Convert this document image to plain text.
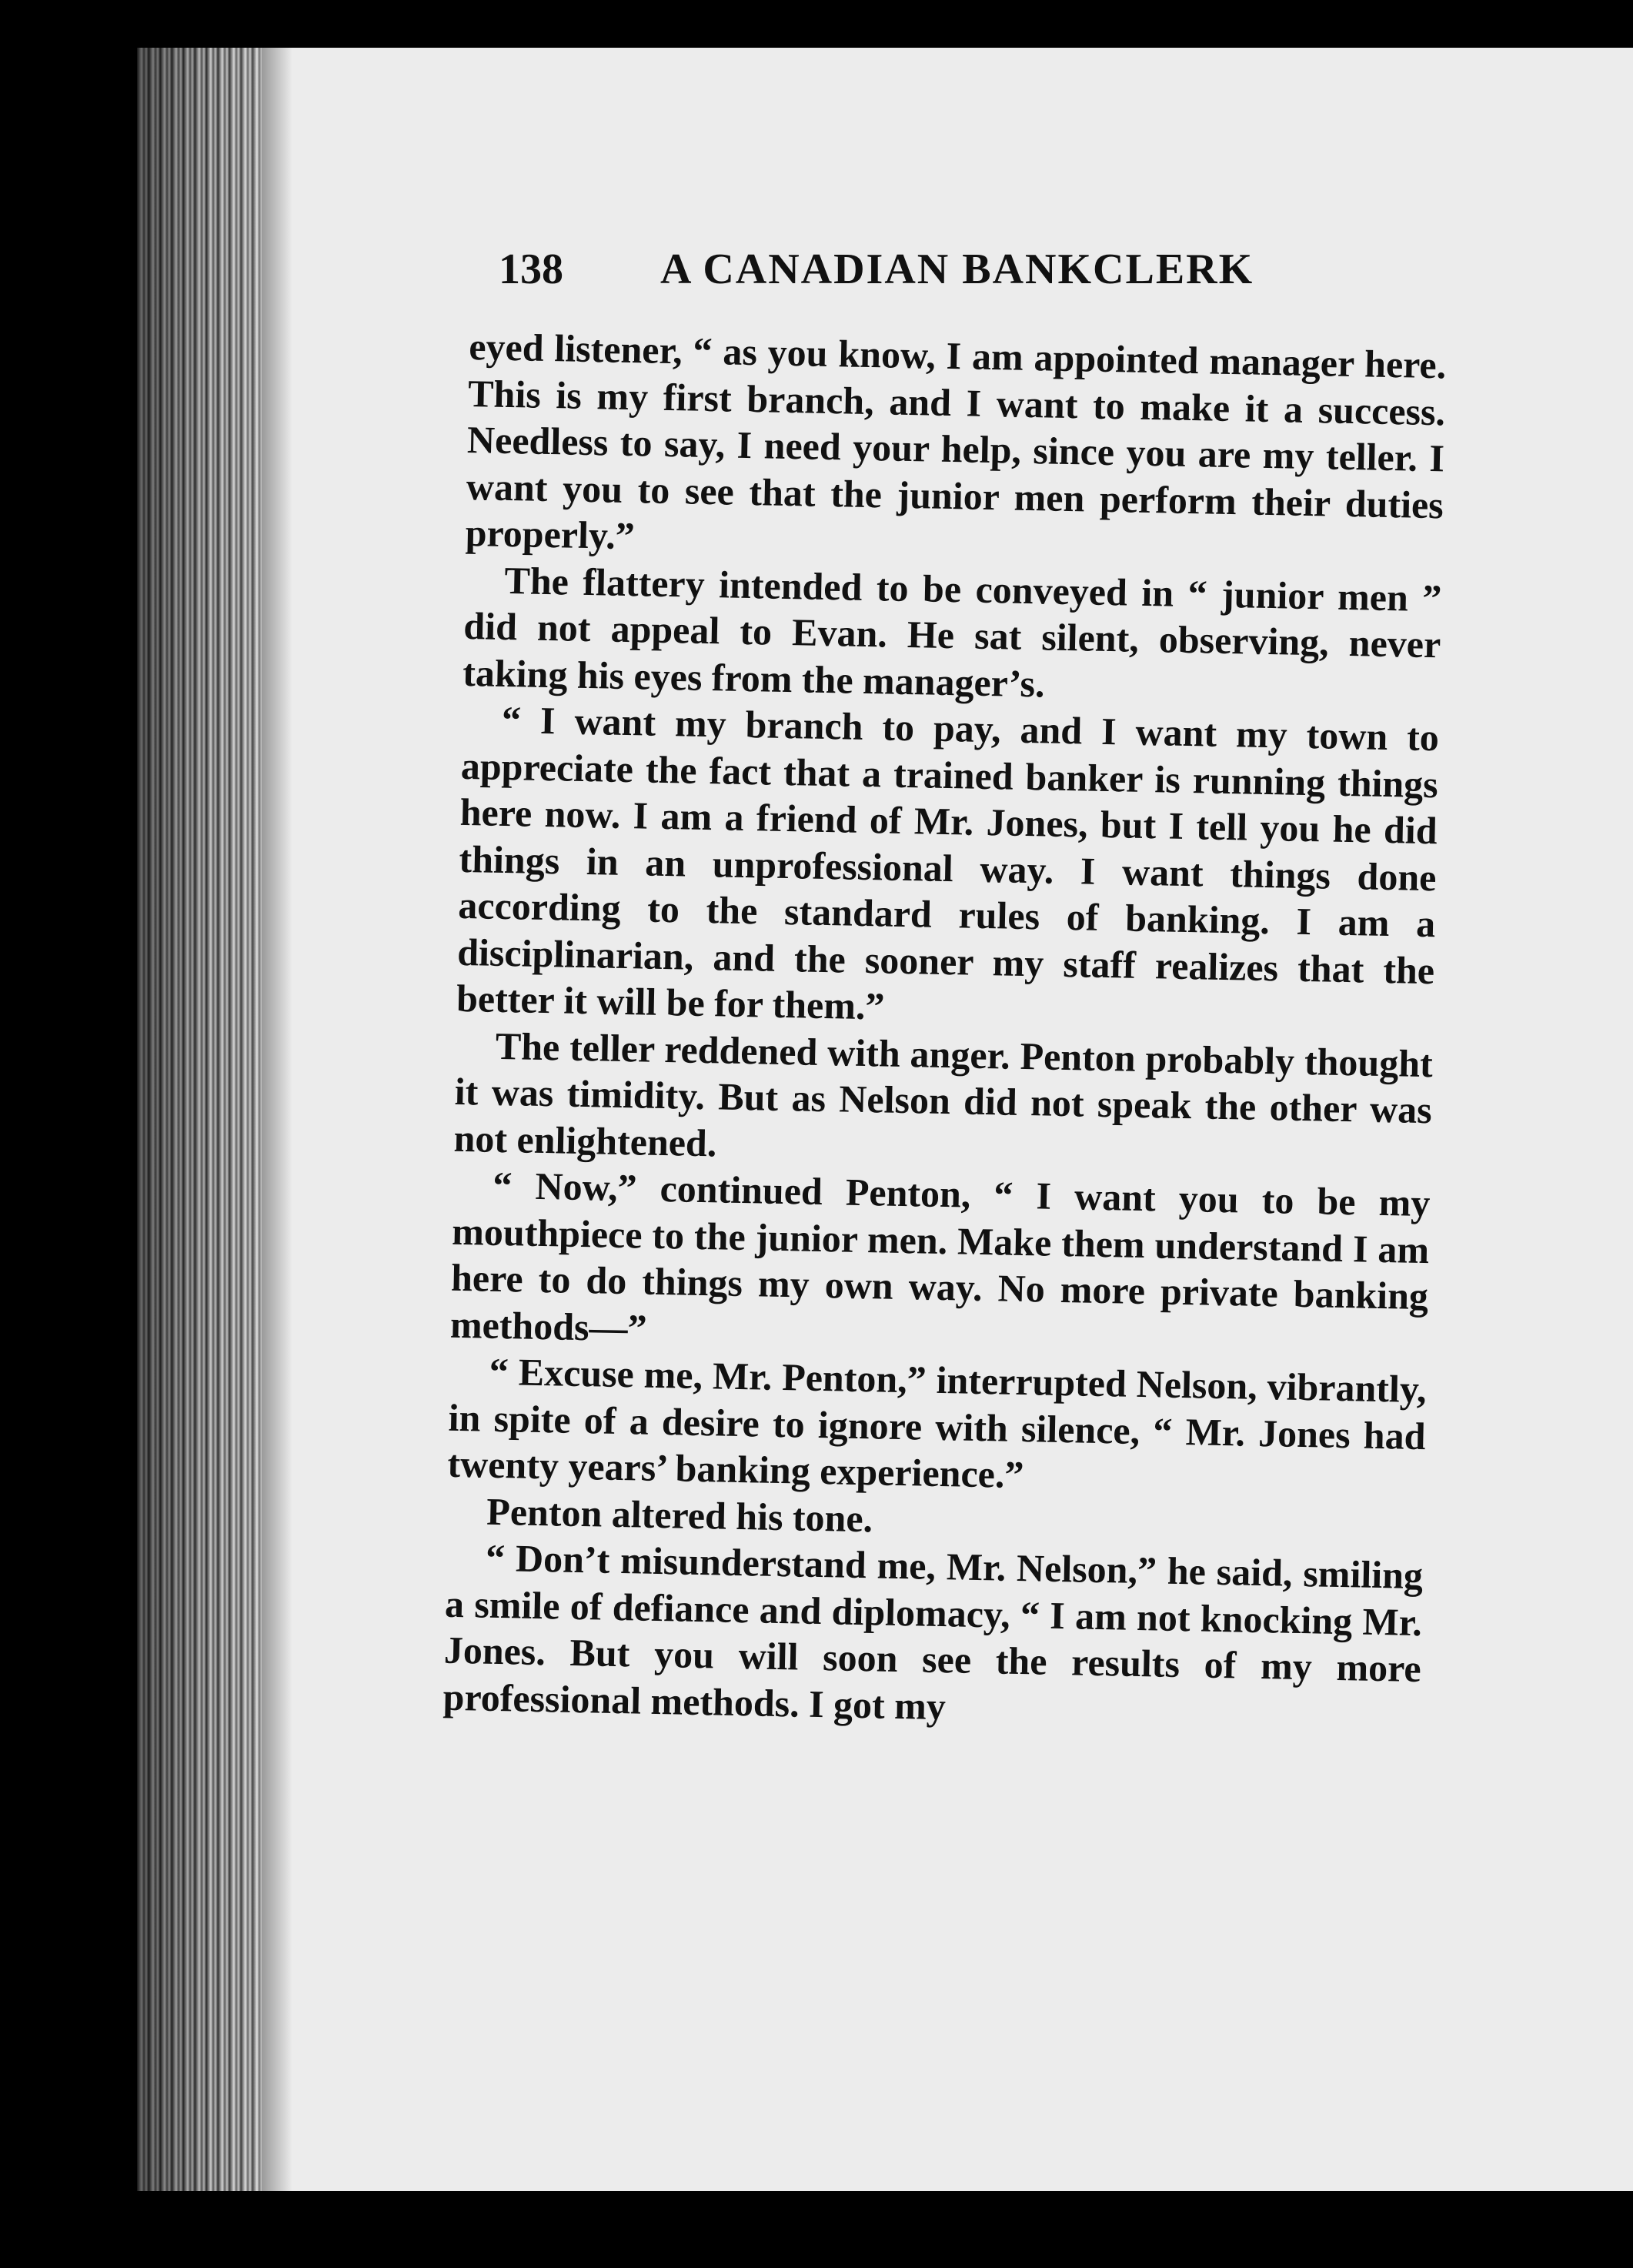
138 A CANADIAN BANKCLERK

eyed listener, “ as you know, I am appointed manager here. This is my first branch, and I want to make it a success. Needless to say, I need your help, since you are my teller. I want you to see that the junior men perform their duties properly.”

The flattery intended to be conveyed in “ junior men ” did not appeal to Evan. He sat silent, observing, never taking his eyes from the manager’s.

“ I want my branch to pay, and I want my town to appreciate the fact that a trained banker is running things here now. I am a friend of Mr. Jones, but I tell you he did things in an unprofessional way. I want things done according to the standard rules of banking. I am a disciplinarian, and the sooner my staff realizes that the better it will be for them.”

The teller reddened with anger. Penton probably thought it was timidity. But as Nelson did not speak the other was not enlightened.

“ Now,” continued Penton, “ I want you to be my mouthpiece to the junior men. Make them understand I am here to do things my own way. No more private banking methods—”

“ Excuse me, Mr. Penton,” interrupted Nelson, vibrantly, in spite of a desire to ignore with silence, “ Mr. Jones had twenty years’ banking experience.”

Penton altered his tone.

“ Don’t misunderstand me, Mr. Nelson,” he said, smiling a smile of defiance and diplomacy, “ I am not knocking Mr. Jones. But you will soon see the results of my more professional methods. I got my
